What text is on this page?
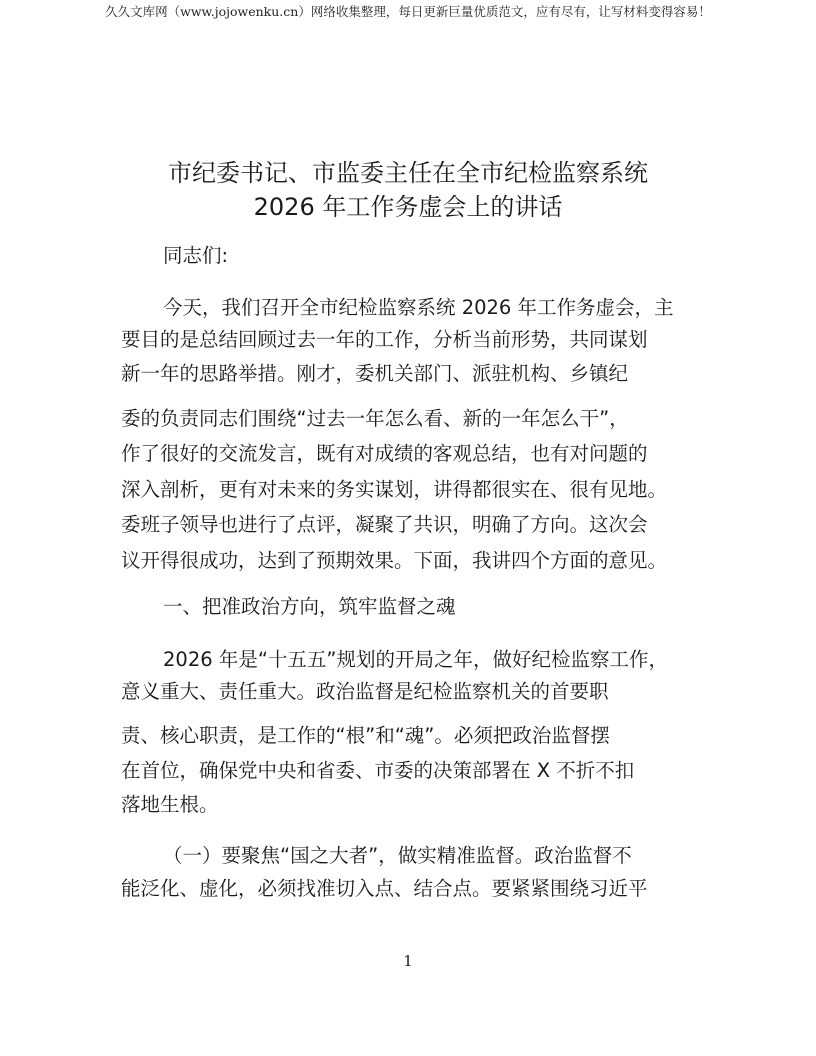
久久文库网（www.jojowenku.cn）网络收集整理，每日更新巨量优质范文，应有尽有，让写材料变得容易！
市纪委书记、市监委主任在全市纪检监察系统
2026 年工作务虚会上的讲话
同志们:
今天，我们召开全市纪检监察系统 2026 年工作务虚会，主
要目的是总结回顾过去一年的工作，分析当前形势，共同谋划
新一年的思路举措。刚才，委机关部门、派驻机构、乡镇纪
委的负责同志们围绕“过去一年怎么看、新的一年怎么干”，
作了很好的交流发言，既有对成绩的客观总结，也有对问题的
深入剖析，更有对未来的务实谋划，讲得都很实在、很有见地。
委班子领导也进行了点评，凝聚了共识，明确了方向。这次会
议开得很成功，达到了预期效果。下面，我讲四个方面的意见。
一、把准政治方向，筑牢监督之魂
2026 年是“十五五”规划的开局之年，做好纪检监察工作，
意义重大、责任重大。政治监督是纪检监察机关的首要职
责、核心职责，是工作的“根”和“魂”。必须把政治监督摆
在首位，确保党中央和省委、市委的决策部署在 X 不折不扣
落地生根。
（一）要聚焦“国之大者”，做实精准监督。政治监督不
能泛化、虚化，必须找准切入点、结合点。要紧紧围绕习近平
1
